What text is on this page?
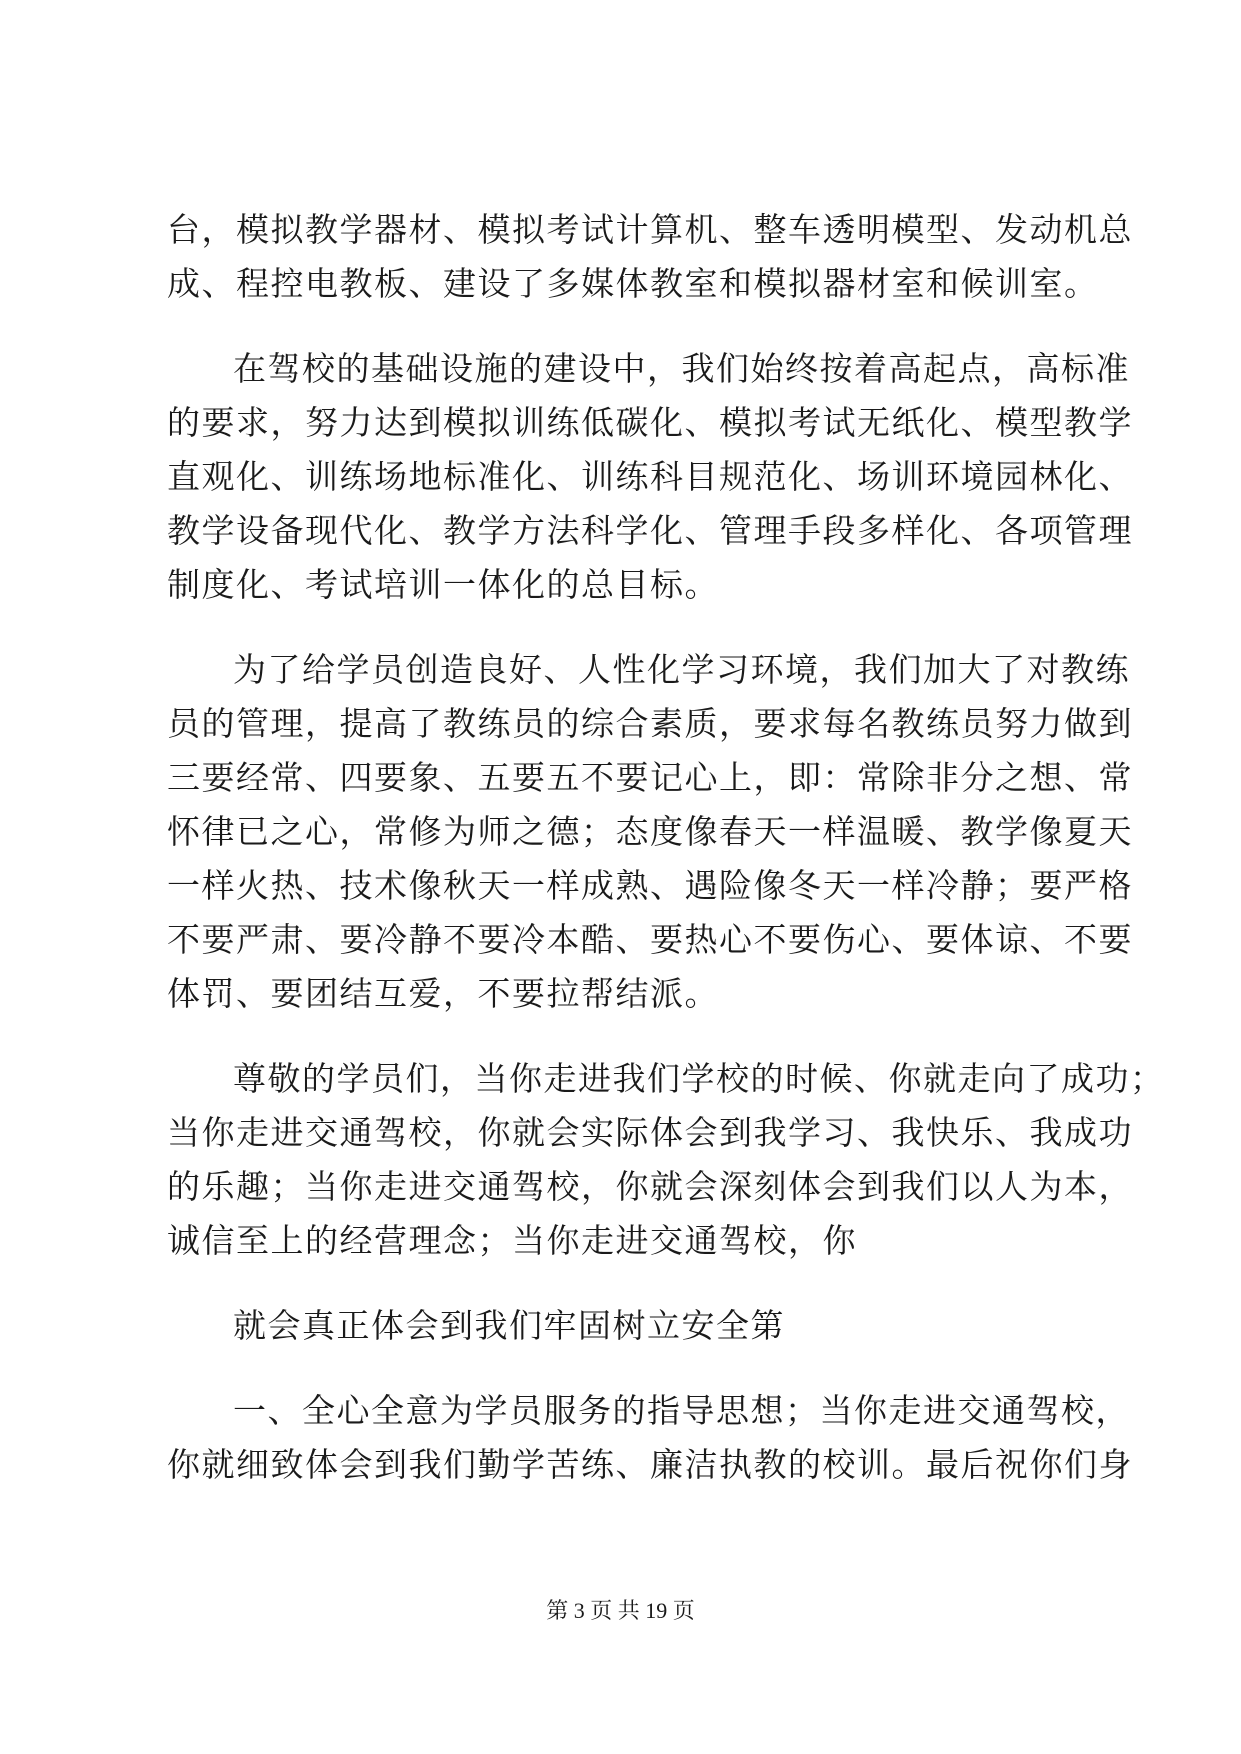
台，模拟教学器材、模拟考试计算机、整车透明模型、发动机总
成、程控电教板、建设了多媒体教室和模拟器材室和候训室。
在驾校的基础设施的建设中，我们始终按着高起点，高标准
的要求，努力达到模拟训练低碳化、模拟考试无纸化、模型教学
直观化、训练场地标准化、训练科目规范化、场训环境园林化、
教学设备现代化、教学方法科学化、管理手段多样化、各项管理
制度化、考试培训一体化的总目标。
为了给学员创造良好、人性化学习环境，我们加大了对教练
员的管理，提高了教练员的综合素质，要求每名教练员努力做到
三要经常、四要象、五要五不要记心上，即：常除非分之想、常
怀律已之心，常修为师之德；态度像春天一样温暖、教学像夏天
一样火热、技术像秋天一样成熟、遇险像冬天一样冷静；要严格
不要严肃、要冷静不要冷本酷、要热心不要伤心、要体谅、不要
体罚、要团结互爱，不要拉帮结派。
尊敬的学员们，当你走进我们学校的时候、你就走向了成功；
当你走进交通驾校，你就会实际体会到我学习、我快乐、我成功
的乐趣；当你走进交通驾校，你就会深刻体会到我们以人为本，
诚信至上的经营理念；当你走进交通驾校，你
就会真正体会到我们牢固树立安全第
一、全心全意为学员服务的指导思想；当你走进交通驾校，
你就细致体会到我们勤学苦练、廉洁执教的校训。最后祝你们身
第 3 页 共 19 页
